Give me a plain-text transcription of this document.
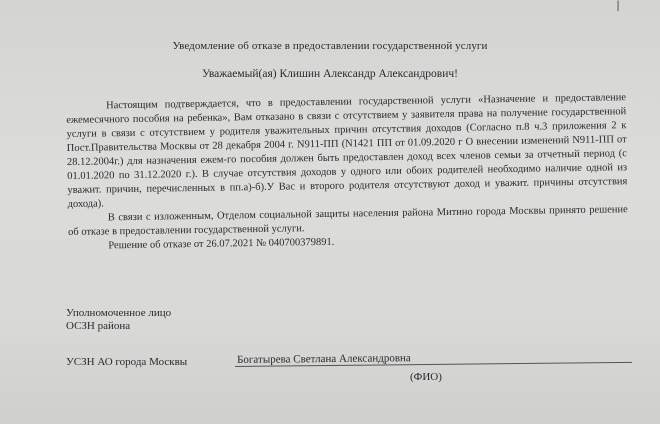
I
Уведомление об отказе в предоставлении государственной услуги
Уважаемый(ая) Клишин Александр Александрович!

Настоящим подтверждается, что в предоставлении государственной услуги «Назначение и предоставление ежемесячного пособия на ребенка», Вам отказано в связи с отсутствием у заявителя права на получение государственной услуги в связи с отсутствием у родителя уважительных причин отсутствия доходов (Согласно п.8 ч.3 приложения 2 к Пост.Правительства Москвы от 28 декабря 2004 г. N911-ПП (N1421 ПП от 01.09.2020 г О внесении изменений N911-ПП от 28.12.2004г.) для назначения ежем-го пособия должен быть предоставлен доход всех членов семьи за отчетный период (с 01.01.2020 по 31.12.2020 г.). В случае отсутствия доходов у одного или обоих родителей необходимо наличие одной из уважит. причин, перечисленных в пп.а)-б).У Вас и второго родителя отсутствуют доход и уважит. причины отсутствия дохода). В связи с изложенным, Отделом социальной защиты населения района Митино города Москвы принято решение об отказе в предоставлении государственной услуги.

Решение об отказе от 26.07.2021 № 040700379891.

Уполномоченное лицо
ОСЗН района
УСЗН АО города Москвы	Богатырева Светлана Александровна
(ФИО)
